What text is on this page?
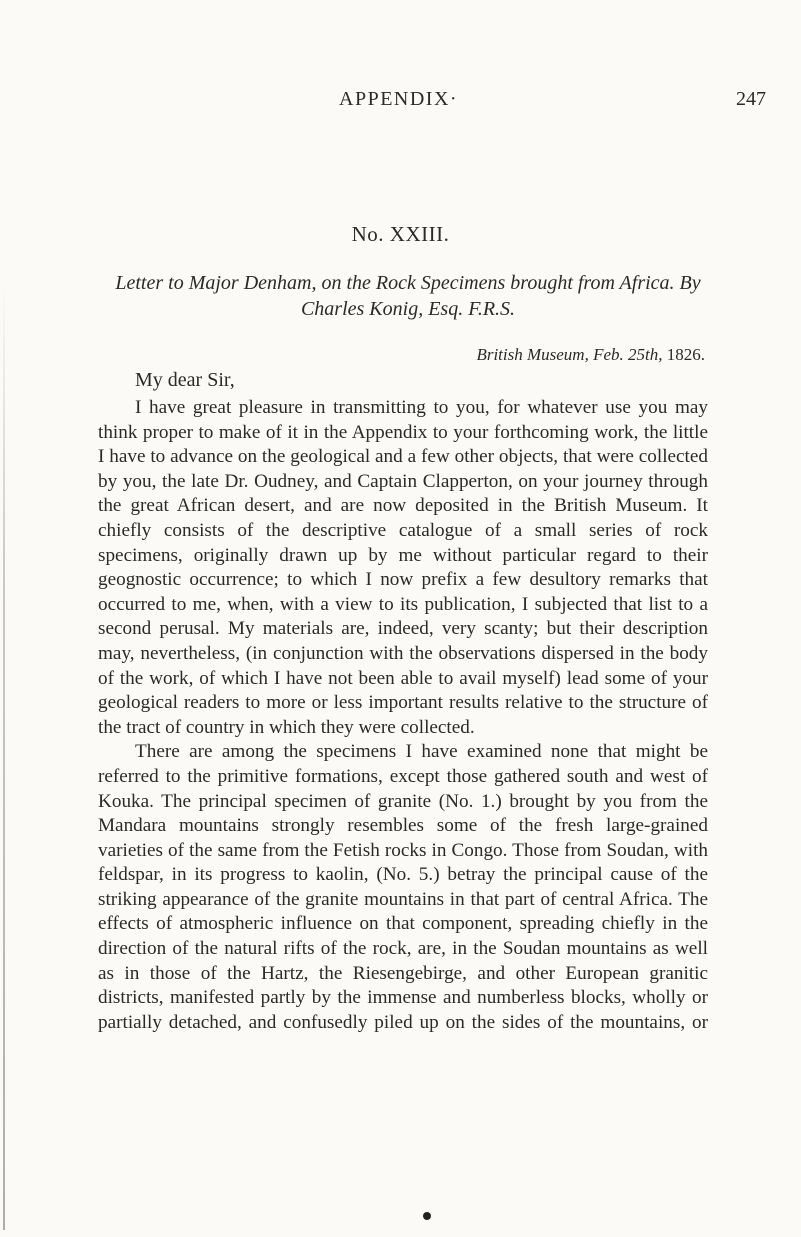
APPENDIX·	247
No. XXIII.
Letter to Major Denham, on the Rock Specimens brought from Africa. By
Charles Konig, Esq. F.R.S.
British Museum, Feb. 25th, 1826.
My dear Sir,

I have great pleasure in transmitting to you, for whatever use you may think proper to make of it in the Appendix to your forthcoming work, the little I have to advance on the geological and a few other objects, that were collected by you, the late Dr. Oudney, and Captain Clapperton, on your journey through the great African desert, and are now deposited in the British Museum. It chiefly consists of the descriptive catalogue of a small series of rock specimens, originally drawn up by me without particular regard to their geognostic occurrence; to which I now prefix a few desultory remarks that occurred to me, when, with a view to its publication, I subjected that list to a second perusal. My materials are, indeed, very scanty; but their description may, nevertheless, (in conjunction with the observations dispersed in the body of the work, of which I have not been able to avail myself) lead some of your geological readers to more or less important results relative to the structure of the tract of country in which they were collected.

There are among the specimens I have examined none that might be referred to the primitive formations, except those gathered south and west of Kouka. The principal specimen of granite (No. 1.) brought by you from the Mandara mountains strongly resembles some of the fresh large-grained varieties of the same from the Fetish rocks in Congo. Those from Soudan, with feldspar, in its progress to kaolin, (No. 5.) betray the principal cause of the striking appearance of the granite mountains in that part of central Africa. The effects of atmospheric influence on that component, spreading chiefly in the direction of the natural rifts of the rock, are, in the Soudan mountains as well as in those of the Hartz, the Riesengebirge, and other European granitic districts, manifested partly by the immense and numberless blocks, wholly or partially detached, and confusedly piled up on the sides of the mountains, or
